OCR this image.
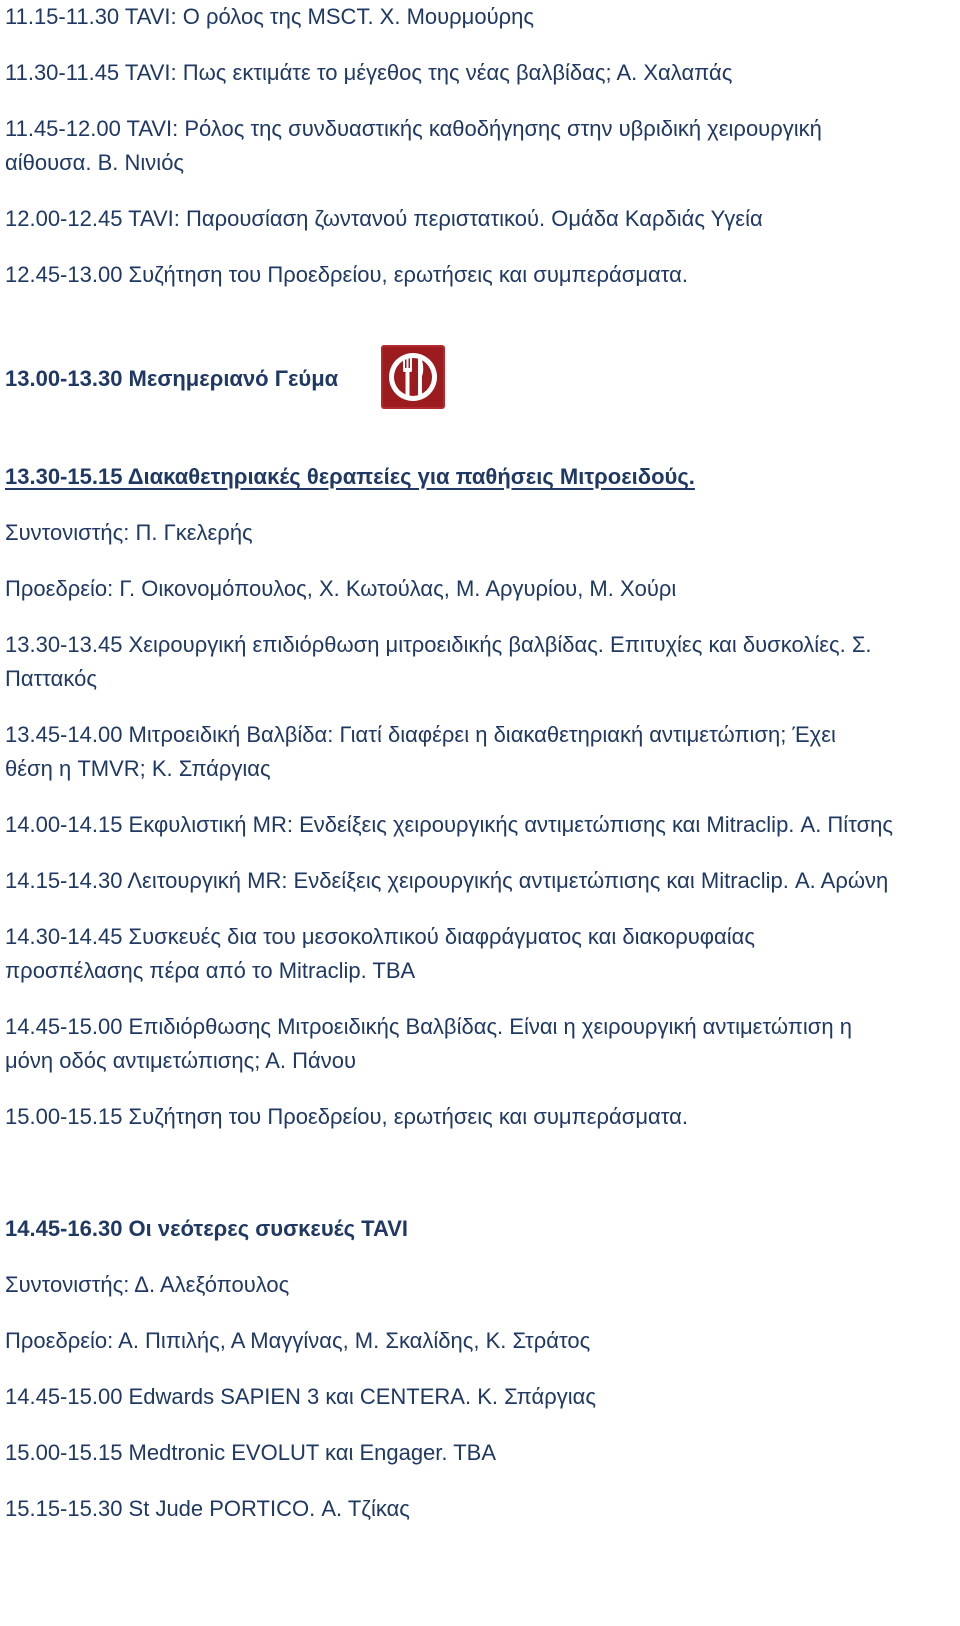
11.15-11.30 TAVI: Ο ρόλος της MSCT. Χ. Μουρμούρης

11.30-11.45 TAVI: Πως εκτιμάτε το μέγεθος της νέας βαλβίδας; Α. Χαλαπάς

11.45-12.00 TAVI: Ρόλος της συνδυαστικής καθοδήγησης στην υβριδική χειρουργική

αίθουσα. Β. Νινιός

12.00-12.45 TAVI: Παρουσίαση ζωντανού περιστατικού. Ομάδα Καρδιάς Υγεία

12.45-13.00 Συζήτηση του Προεδρείου, ερωτήσεις και συμπεράσματα.

13.00-13.30 Μεσημεριανό Γεύμα

13.30-15.15 Διακαθετηριακές θεραπείες για παθήσεις Μιτροειδούς.

Συντονιστής: Π. Γκελερής

Προεδρείο: Γ. Οικονομόπουλος, Χ. Κωτούλας, Μ. Αργυρίου, Μ. Χούρι

13.30-13.45 Χειρουργική επιδιόρθωση μιτροειδικής βαλβίδας. Επιτυχίες και δυσκολίες. Σ.

Παττακός

13.45-14.00 Μιτροειδική Βαλβίδα: Γιατί διαφέρει η διακαθετηριακή αντιμετώπιση; Έχει

θέση η TMVR; Κ. Σπάργιας

14.00-14.15 Εκφυλιστική MR: Ενδείξεις χειρουργικής αντιμετώπισης και Mitraclip. Α. Πίτσης

14.15-14.30 Λειτουργική MR: Ενδείξεις χειρουργικής αντιμετώπισης και Mitraclip. Α. Αρώνη

14.30-14.45 Συσκευές δια του μεσοκολπικού διαφράγματος και διακορυφαίας

προσπέλασης πέρα από το Mitraclip. TBA

14.45-15.00 Επιδιόρθωσης Μιτροειδικής Βαλβίδας. Είναι η χειρουργική αντιμετώπιση η

μόνη οδός αντιμετώπισης; Α. Πάνου

15.00-15.15 Συζήτηση του Προεδρείου, ερωτήσεις και συμπεράσματα.

14.45-16.30 Οι νεότερες συσκευές TAVI

Συντονιστής: Δ. Αλεξόπουλος

Προεδρείο: Α. Πιπιλής, Α Μαγγίνας, Μ. Σκαλίδης, Κ. Στράτος

14.45-15.00 Edwards SAPIEN 3 και CENTERA. Κ. Σπάργιας

15.00-15.15 Medtronic EVOLUT και Engager. TBA

15.15-15.30 St Jude PORTICO. Α. Τζίκας
